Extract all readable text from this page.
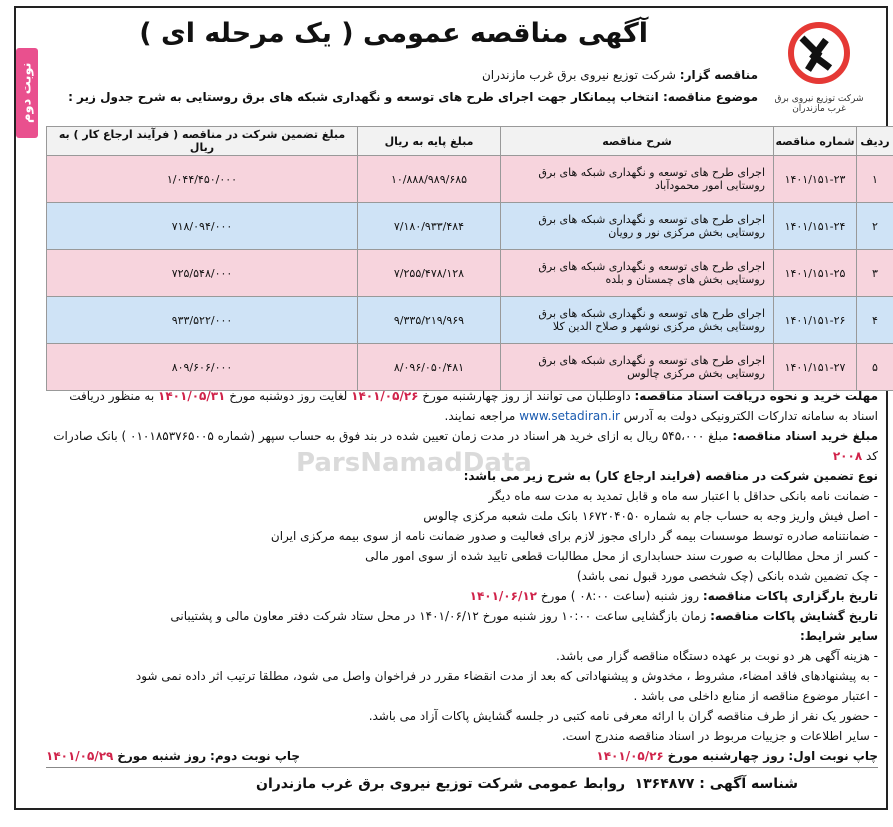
نوبت دوم	شرکت توزیع نیروی برق غرب مازندران
آگهی مناقصه عمومی ( یک مرحله ای )
مناقصه گزار: شرکت توزیع نیروی برق غرب مازندران
موضوع مناقصه: انتخاب پیمانکار جهت اجرای طرح های توسعه و نگهداری شبکه های برق روستایی به شرح جدول زیر :
ردیف	شماره مناقصه	شرح مناقصه	مبلغ پایه به ریال	مبلغ تضمین شرکت در مناقصه ( فرآیند ارجاع کار ) به ریال
۱	۱۴۰۱/۱۵۱-۲۳	اجرای طرح های توسعه و نگهداری شبکه های برق روستایی امور محمودآباد	۱۰/۸۸۸/۹۸۹/۶۸۵	۱/۰۴۴/۴۵۰/۰۰۰
۲	۱۴۰۱/۱۵۱-۲۴	اجرای طرح های توسعه و نگهداری شبکه های برق روستایی بخش مرکزی نور و رویان	۷/۱۸۰/۹۳۳/۴۸۴	۷۱۸/۰۹۴/۰۰۰
۳	۱۴۰۱/۱۵۱-۲۵	اجرای طرح های توسعه و نگهداری شبکه های برق روستایی بخش های چمستان و بلده	۷/۲۵۵/۴۷۸/۱۲۸	۷۲۵/۵۴۸/۰۰۰
۴	۱۴۰۱/۱۵۱-۲۶	اجرای طرح های توسعه و نگهداری شبکه های برق روستایی بخش مرکزی نوشهر و صلاح الدین کلا	۹/۳۳۵/۲۱۹/۹۶۹	۹۳۳/۵۲۲/۰۰۰
۵	۱۴۰۱/۱۵۱-۲۷	اجرای طرح های توسعه و نگهداری شبکه های برق روستایی بخش مرکزی چالوس	۸/۰۹۶/۰۵۰/۴۸۱	۸۰۹/۶۰۶/۰۰۰

مهلت خرید و نحوه دریافت اسناد مناقصه: داوطلبان می توانند از روز چهارشنبه مورخ ۱۴۰۱/۰۵/۲۶ لغایت روز دوشنبه مورخ ۱۴۰۱/۰۵/۳۱ به منظور دریافت اسناد به سامانه تدارکات الکترونیکی دولت به آدرس www.setadiran.ir مراجعه نمایند.

مبلغ خرید اسناد مناقصه: مبلغ ۵۴۵،۰۰۰ ریال به ازای خرید هر اسناد در مدت زمان تعیین شده در بند فوق به حساب سپهر (شماره ۰۱۰۱۸۵۳۷۶۵۰۰۵ ) بانک صادرات کد ۲۰۰۸

نوع تضمین شرکت در مناقصه (فرایند ارجاع کار) به شرح زیر می باشد:

- ضمانت نامه بانکی حداقل با اعتبار سه ماه و قابل تمدید به مدت سه ماه دیگر

- اصل فیش واریز وجه به حساب جام به شماره ۱۶۷۲۰۴۰۵۰ بانک ملت شعبه مرکزی چالوس

- ضمانتنامه صادره توسط موسسات بیمه گر دارای مجوز لازم برای فعالیت و صدور ضمانت نامه از سوی بیمه مرکزی ایران

- کسر از محل مطالبات به صورت سند حسابداری از محل مطالبات قطعی تایید شده از سوی امور مالی

- چک تضمین شده بانکی (چک شخصی مورد قبول نمی باشد)

تاریخ بارگزاری پاکات مناقصه: روز شنبه (ساعت ۰۸:۰۰ ) مورخ ۱۴۰۱/۰۶/۱۲

تاریخ گشایش پاکات مناقصه: زمان بازگشایی ساعت ۱۰:۰۰ روز شنبه مورخ ۱۴۰۱/۰۶/۱۲ در محل ستاد شرکت دفتر معاون مالی و پشتیبانی

سایر شرایط:

- هزینه آگهی هر دو نوبت بر عهده دستگاه مناقصه گزار می باشد.

- به پیشنهادهای فاقد امضاء، مشروط ، مخدوش و پیشنهاداتی که بعد از مدت انقضاء مقرر در فراخوان واصل می شود، مطلقا ترتیب اثر داده نمی شود

- اعتبار موضوع مناقصه از منابع داخلی می باشد .

- حضور یک نفر از طرف مناقصه گران با ارائه معرفی نامه کتبی در جلسه گشایش پاکات آزاد می باشد.

- سایر اطلاعات و جزییات مربوط در اسناد مناقصه مندرج است.

چاپ نوبت اول: روز چهارشنبه مورخ ۱۴۰۱/۰۵/۲۶
چاپ نوبت دوم: روز شنبه مورخ ۱۴۰۱/۰۵/۲۹

ParsNamadData
شناسه آگهی : ۱۳۶۴۸۷۷
روابط عمومی شرکت توزیع نیروی برق غرب مازندران
